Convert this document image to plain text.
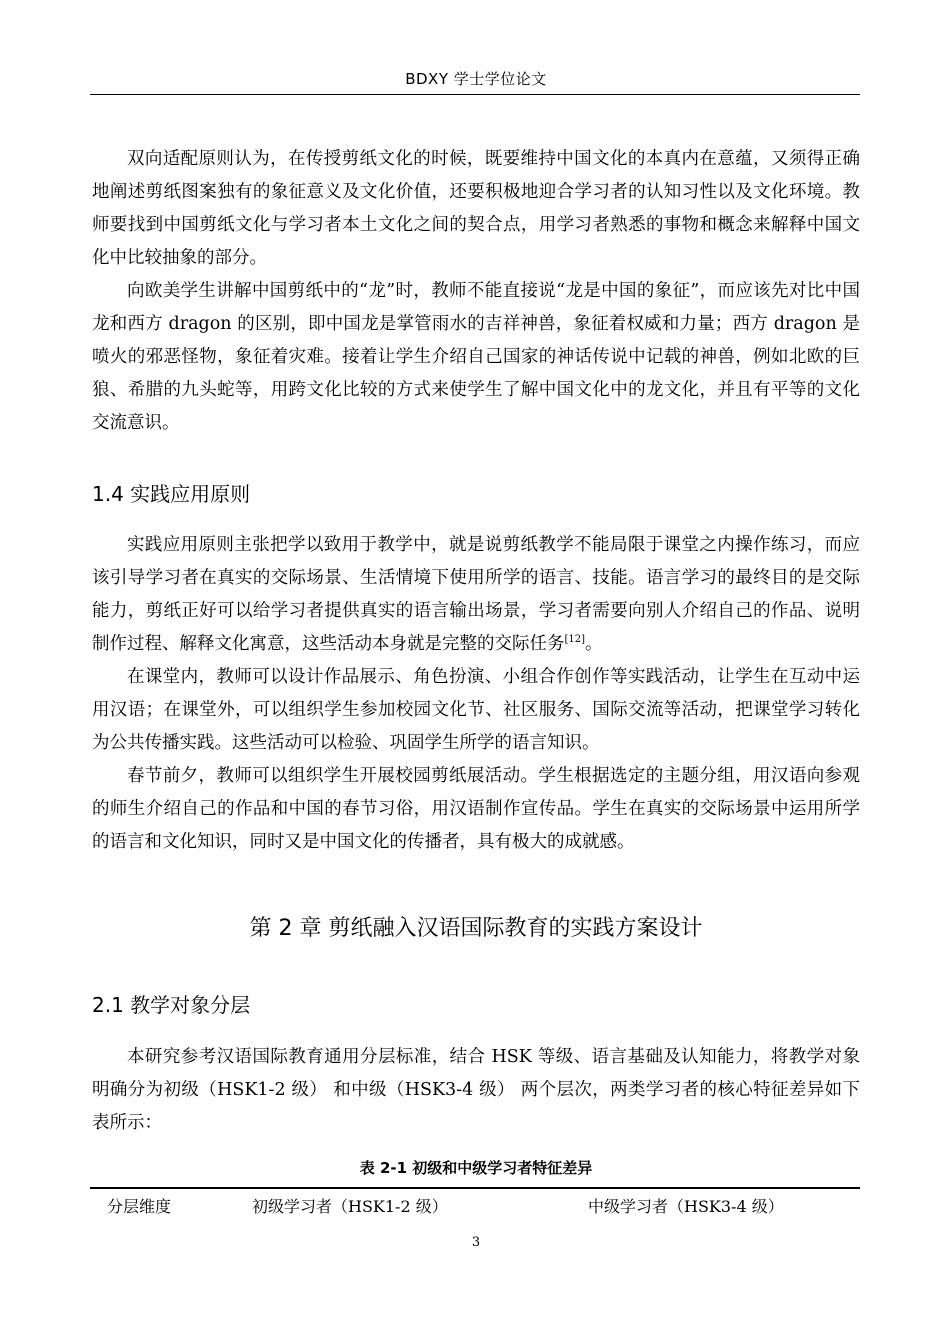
BDXY 学士学位论文

双向适配原则认为，在传授剪纸文化的时候，既要维持中国文化的本真内在意蕴，又须得正确地阐述剪纸图案独有的象征意义及文化价值，还要积极地迎合学习者的认知习性以及文化环境。教师要找到中国剪纸文化与学习者本土文化之间的契合点，用学习者熟悉的事物和概念来解释中国文化中比较抽象的部分。

向欧美学生讲解中国剪纸中的“龙”时，教师不能直接说“龙是中国的象征”，而应该先对比中国龙和西方 dragon 的区别，即中国龙是掌管雨水的吉祥神兽，象征着权威和力量；西方 dragon 是喷火的邪恶怪物，象征着灾难。接着让学生介绍自己国家的神话传说中记载的神兽，例如北欧的巨狼、希腊的九头蛇等，用跨文化比较的方式来使学生了解中国文化中的龙文化，并且有平等的文化交流意识。

1.4 实践应用原则

实践应用原则主张把学以致用于教学中，就是说剪纸教学不能局限于课堂之内操作练习，而应该引导学习者在真实的交际场景、生活情境下使用所学的语言、技能。语言学习的最终目的是交际能力，剪纸正好可以给学习者提供真实的语言输出场景，学习者需要向别人介绍自己的作品、说明制作过程、解释文化寓意，这些活动本身就是完整的交际任务[12]。

在课堂内，教师可以设计作品展示、角色扮演、小组合作创作等实践活动，让学生在互动中运用汉语；在课堂外，可以组织学生参加校园文化节、社区服务、国际交流等活动，把课堂学习转化为公共传播实践。这些活动可以检验、巩固学生所学的语言知识。

春节前夕，教师可以组织学生开展校园剪纸展活动。学生根据选定的主题分组，用汉语向参观的师生介绍自己的作品和中国的春节习俗，用汉语制作宣传品。学生在真实的交际场景中运用所学的语言和文化知识，同时又是中国文化的传播者，具有极大的成就感。

第 2 章 剪纸融入汉语国际教育的实践方案设计
2.1 教学对象分层

本研究参考汉语国际教育通用分层标准，结合 HSK 等级、语言基础及认知能力，将教学对象明确分为初级（HSK1-2 级） 和中级（HSK3-4 级） 两个层次，两类学习者的核心特征差异如下表所示：

表 2-1 初级和中级学习者特征差异
分层维度	初级学习者（HSK1-2 级）	中级学习者（HSK3-4 级）
3
